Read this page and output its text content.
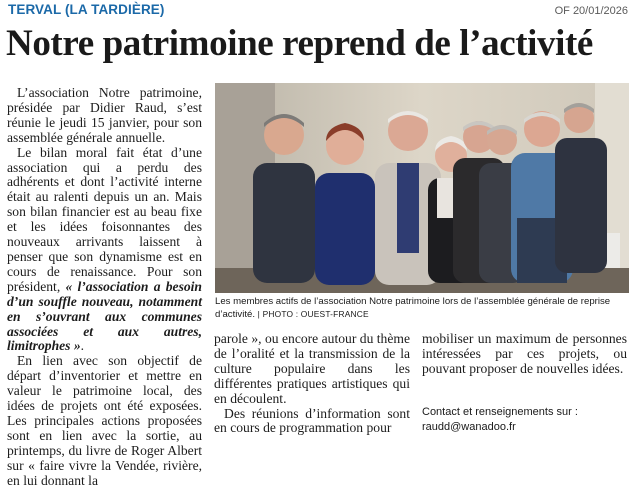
TERVAL (LA TARDIÈRE)	OF 20/01/2026
Notre patrimoine reprend de l’activité

L’association Notre patrimoine, présidée par Didier Raud, s’est réunie le jeudi 15 janvier, pour son assemblée générale annuelle.

Le bilan moral fait état d’une association qui a perdu des adhérents et dont l’activité interne était au ralenti depuis un an. Mais son bilan financier est au beau fixe et les idées foisonnantes des nouveaux arrivants laissent à penser que son dynamisme est en cours de renaissance. Pour son président, « l’association a besoin d’un souffle nouveau, notamment en s’ouvrant aux communes associées et aux autres, limitrophes ».

En lien avec son objectif de départ d’inventorier et mettre en valeur le patrimoine local, des idées de projets ont été exposées. Les principales actions proposées sont en lien avec la sortie, au printemps, du livre de Roger Albert sur « faire vivre la Vendée, rivière, en lui donnant la

Les membres actifs de l’association Notre patrimoine lors de l’assemblée générale de reprise d’activité. | PHOTO : OUEST-FRANCE

parole », ou encore autour du thème de l’oralité et la transmission de la culture populaire dans les différentes pratiques artistiques qui en découlent.

Des réunions d’information sont en cours de programmation pour

mobiliser un maximum de personnes intéressées par ces projets, ou pouvant proposer de nouvelles idées.

Contact et renseignements sur :
raudd@wanadoo.fr
